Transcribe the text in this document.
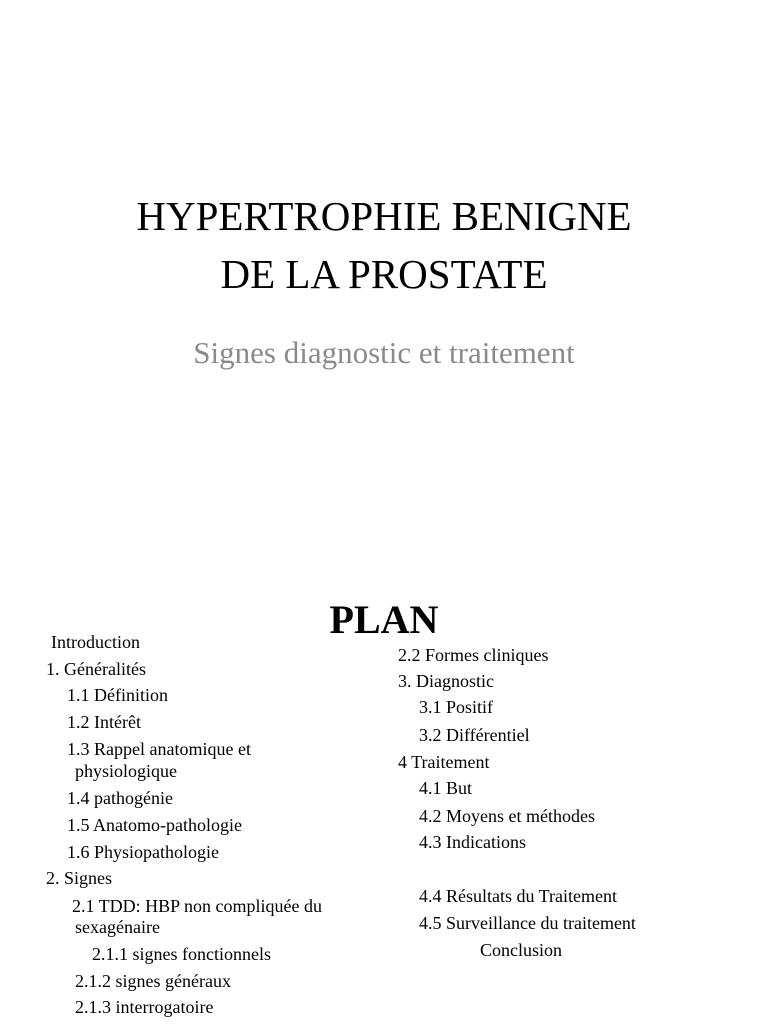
HYPERTROPHIE BENIGNE
DE LA PROSTATE
Signes diagnostic et traitement
PLAN
Introduction
1. Généralités
1.1 Définition
1.2 Intérêt
1.3 Rappel anatomique et
physiologique
1.4 pathogénie
1.5 Anatomo-pathologie
1.6 Physiopathologie
2. Signes
2.1 TDD: HBP non compliquée du
sexagénaire
2.1.1 signes fonctionnels
2.1.2 signes généraux
2.1.3 interrogatoire
2.2 Formes cliniques
3. Diagnostic
3.1 Positif
3.2 Différentiel
4 Traitement
4.1 But
4.2 Moyens et méthodes
4.3 Indications
4.4 Résultats du Traitement
4.5 Surveillance du traitement
Conclusion
